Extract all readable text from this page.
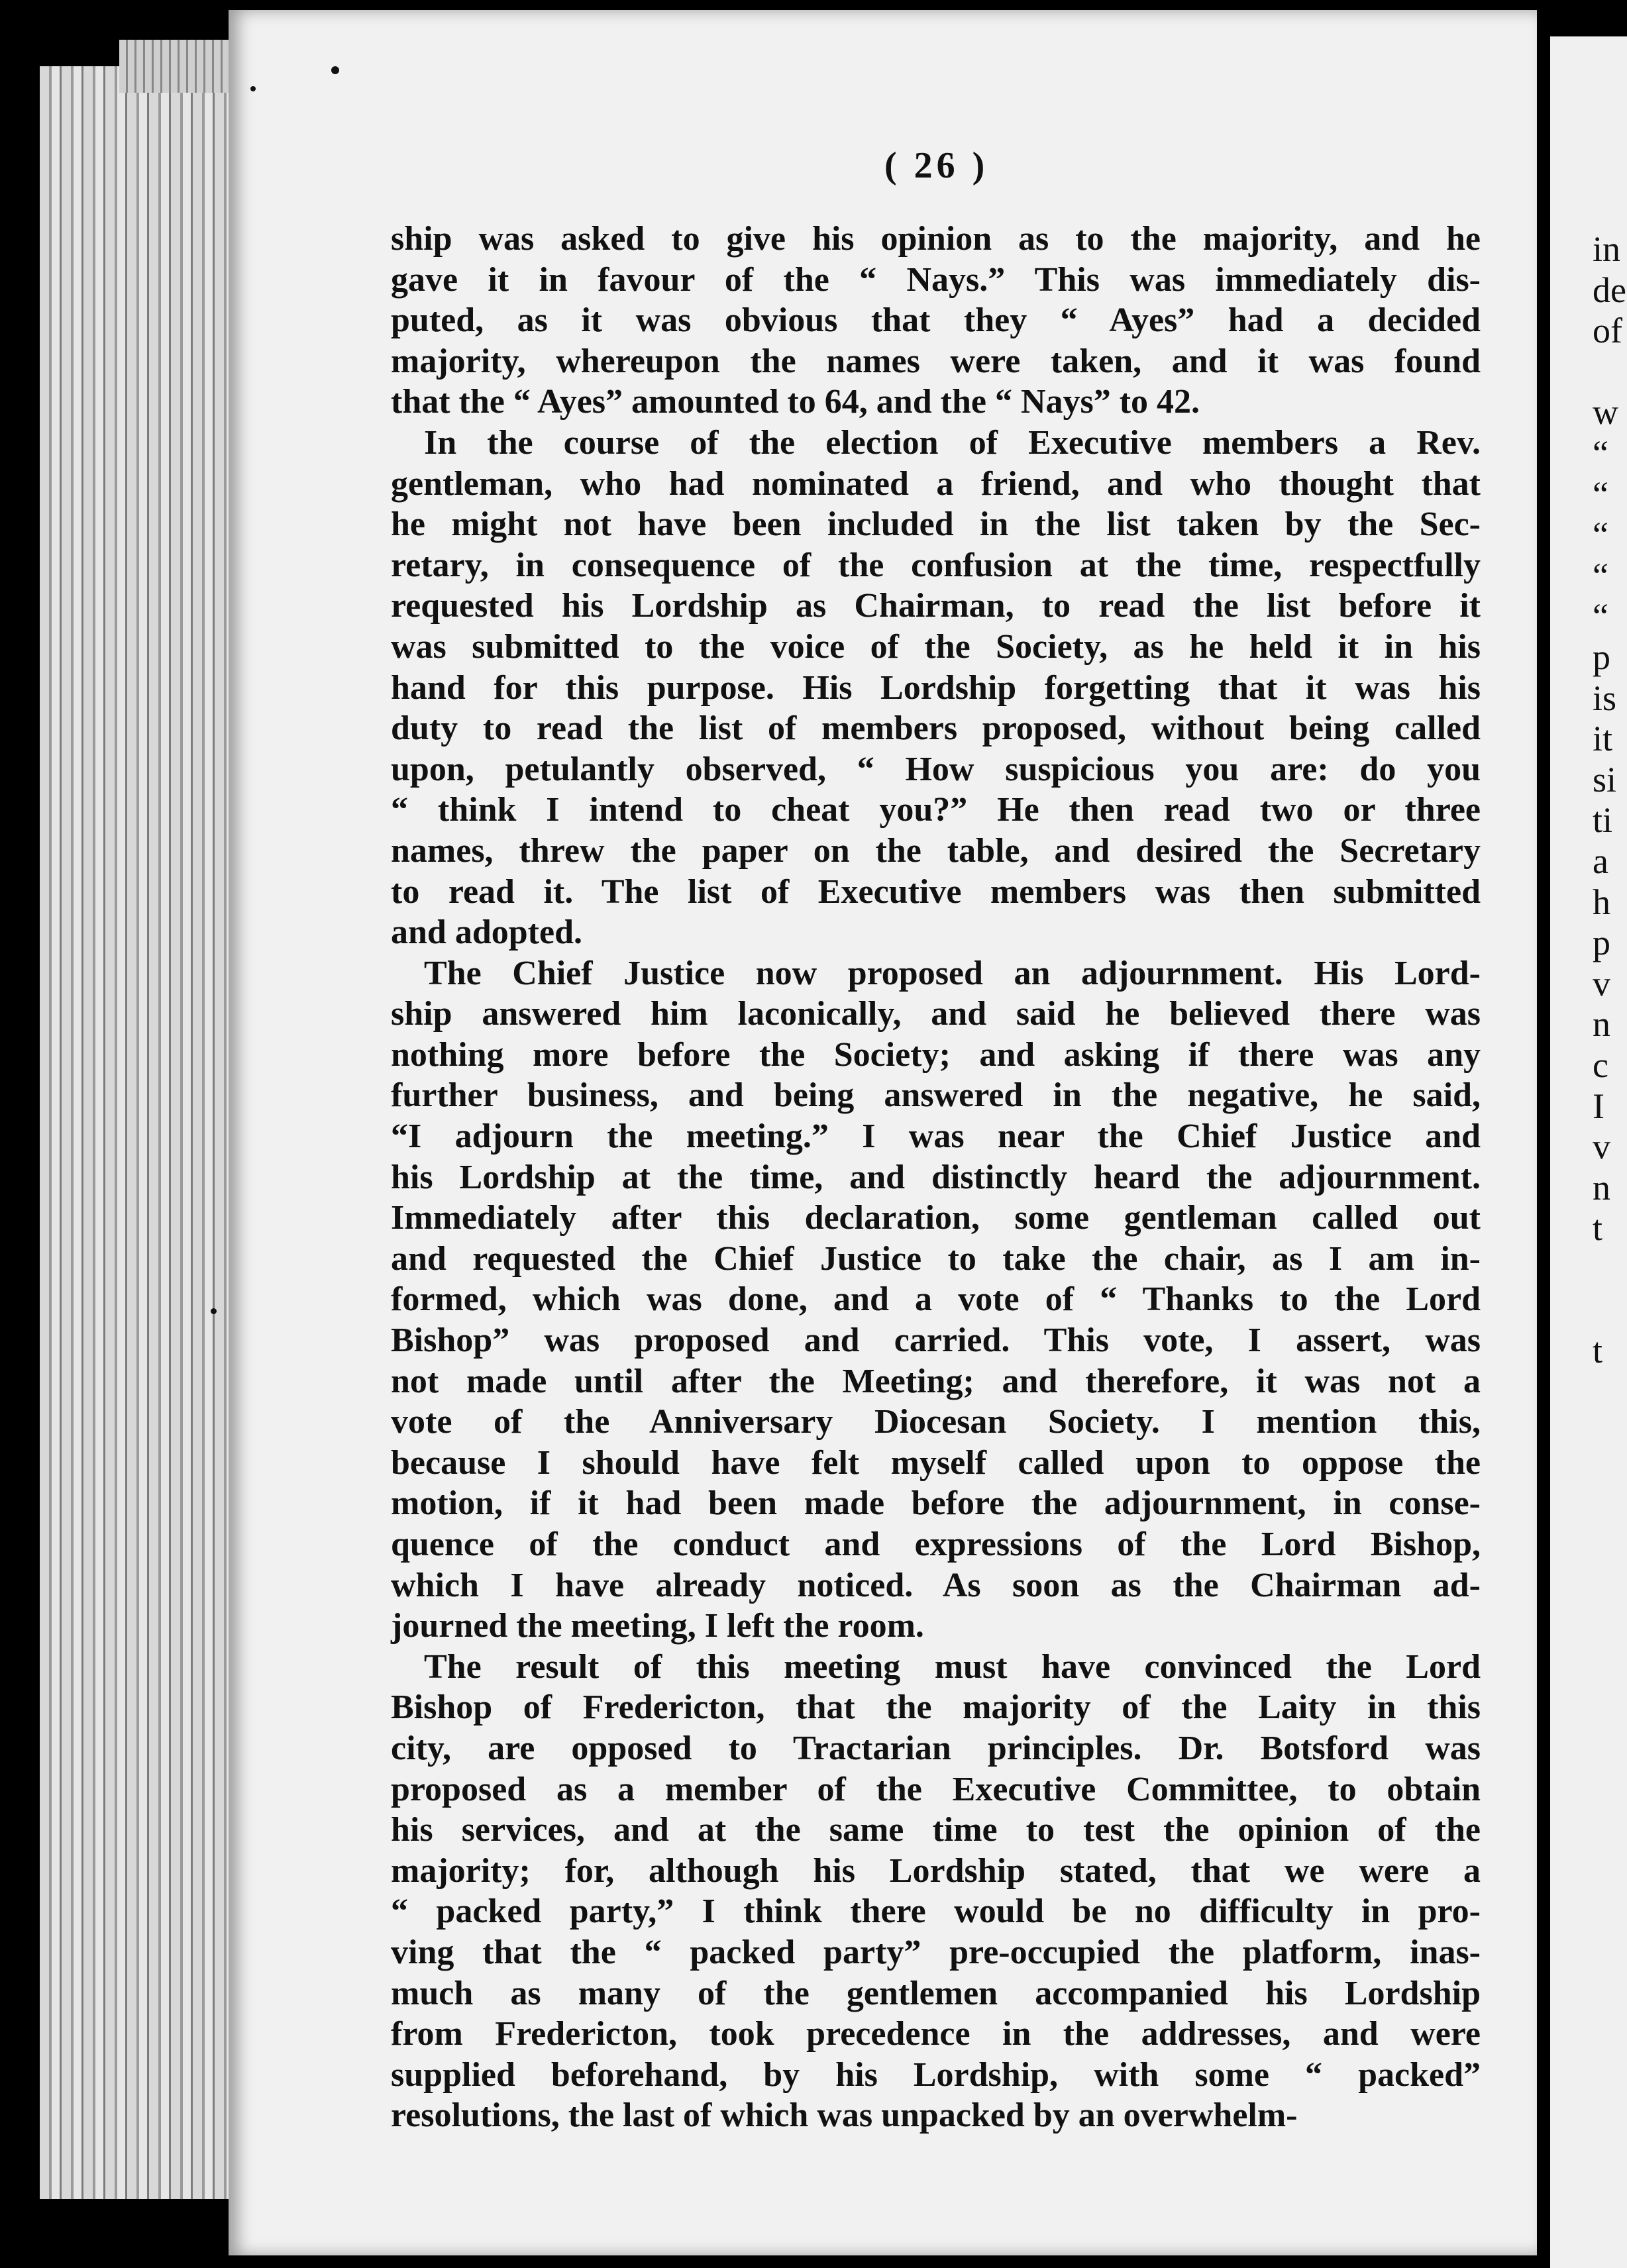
in
de
of
w
“
“
“
“
“
p
is
it
si
ti
a
h
p
v
n
c
I
v
n
t
t
( 26 )

ship was asked to give his opinion as to the majority, and he
gave it in favour of the “ Nays.” This was immediately dis-
puted, as it was obvious that they “ Ayes” had a decided
majority, whereupon the names were taken, and it was found
that the “ Ayes” amounted to 64, and the “ Nays” to 42.

In the course of the election of Executive members a Rev.
gentleman, who had nominated a friend, and who thought that
he might not have been included in the list taken by the Sec-
retary, in consequence of the confusion at the time, respectfully
requested his Lordship as Chairman, to read the list before it
was submitted to the voice of the Society, as he held it in his
hand for this purpose. His Lordship forgetting that it was his
duty to read the list of members proposed, without being called
upon, petulantly observed, “ How suspicious you are: do you
“ think I intend to cheat you?” He then read two or three
names, threw the paper on the table, and desired the Secretary
to read it. The list of Executive members was then submitted
and adopted.

The Chief Justice now proposed an adjournment. His Lord-
ship answered him laconically, and said he believed there was
nothing more before the Society; and asking if there was any
further business, and being answered in the negative, he said,
“I adjourn the meeting.” I was near the Chief Justice and
his Lordship at the time, and distinctly heard the adjournment.
Immediately after this declaration, some gentleman called out
and requested the Chief Justice to take the chair, as I am in-
formed, which was done, and a vote of “ Thanks to the Lord
Bishop” was proposed and carried. This vote, I assert, was
not made until after the Meeting; and therefore, it was not a
vote of the Anniversary Diocesan Society. I mention this,
because I should have felt myself called upon to oppose the
motion, if it had been made before the adjournment, in conse-
quence of the conduct and expressions of the Lord Bishop,
which I have already noticed. As soon as the Chairman ad-
journed the meeting, I left the room.

The result of this meeting must have convinced the Lord
Bishop of Fredericton, that the majority of the Laity in this
city, are opposed to Tractarian principles. Dr. Botsford was
proposed as a member of the Executive Committee, to obtain
his services, and at the same time to test the opinion of the
majority; for, although his Lordship stated, that we were a
“ packed party,” I think there would be no difficulty in pro-
ving that the “ packed party” pre-occupied the platform, inas-
much as many of the gentlemen accompanied his Lordship
from Fredericton, took precedence in the addresses, and were
supplied beforehand, by his Lordship, with some “ packed”
resolutions, the last of which was unpacked by an overwhelm-
